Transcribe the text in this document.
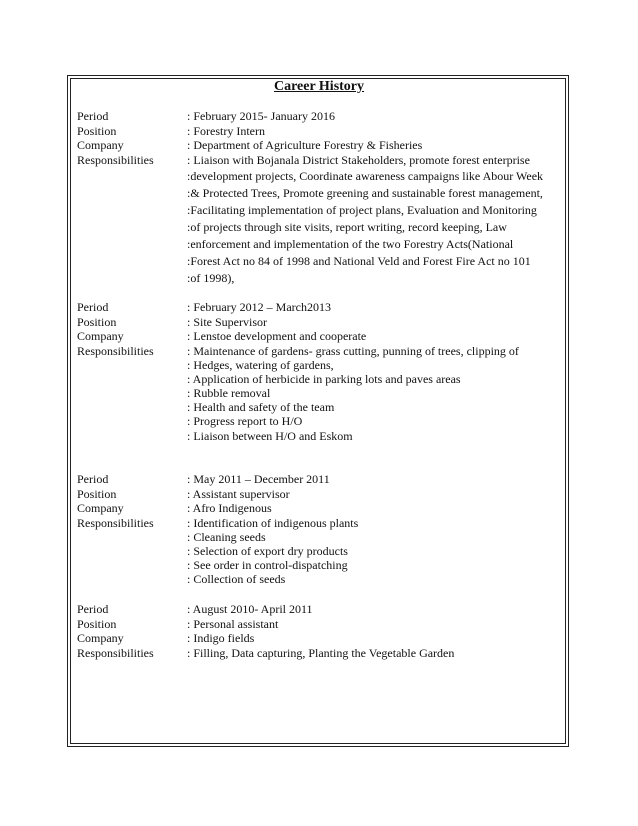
Career History
Period	: February 2015- January 2016
Position	: Forestry Intern
Company	: Department of Agriculture Forestry & Fisheries
Responsibilities	: Liaison with Bojanala District Stakeholders, promote forest enterprise
:development projects, Coordinate awareness campaigns like Abour Week
:& Protected Trees, Promote greening and sustainable forest management,
:Facilitating implementation of project plans, Evaluation and Monitoring
:of projects through site visits, report writing, record keeping, Law
:enforcement and implementation of the two Forestry Acts(National
:Forest Act no 84 of 1998 and National Veld and Forest Fire Act no 101
:of 1998),
Period	: February 2012 – March2013
Position	: Site Supervisor
Company	: Lenstoe development and cooperate
Responsibilities	: Maintenance of gardens- grass cutting, punning of trees, clipping of
: Hedges, watering of gardens,
: Application of herbicide in parking lots and paves areas
: Rubble removal
: Health and safety of the team
: Progress report to H/O
: Liaison between H/O and Eskom
Period	: May 2011 – December 2011
Position	: Assistant supervisor
Company	: Afro Indigenous
Responsibilities	: Identification of indigenous plants
: Cleaning seeds
: Selection of export dry products
: See order in control-dispatching
: Collection of seeds
Period	: August 2010- April 2011
Position	: Personal assistant
Company	: Indigo fields
Responsibilities	: Filling, Data capturing, Planting the Vegetable Garden
